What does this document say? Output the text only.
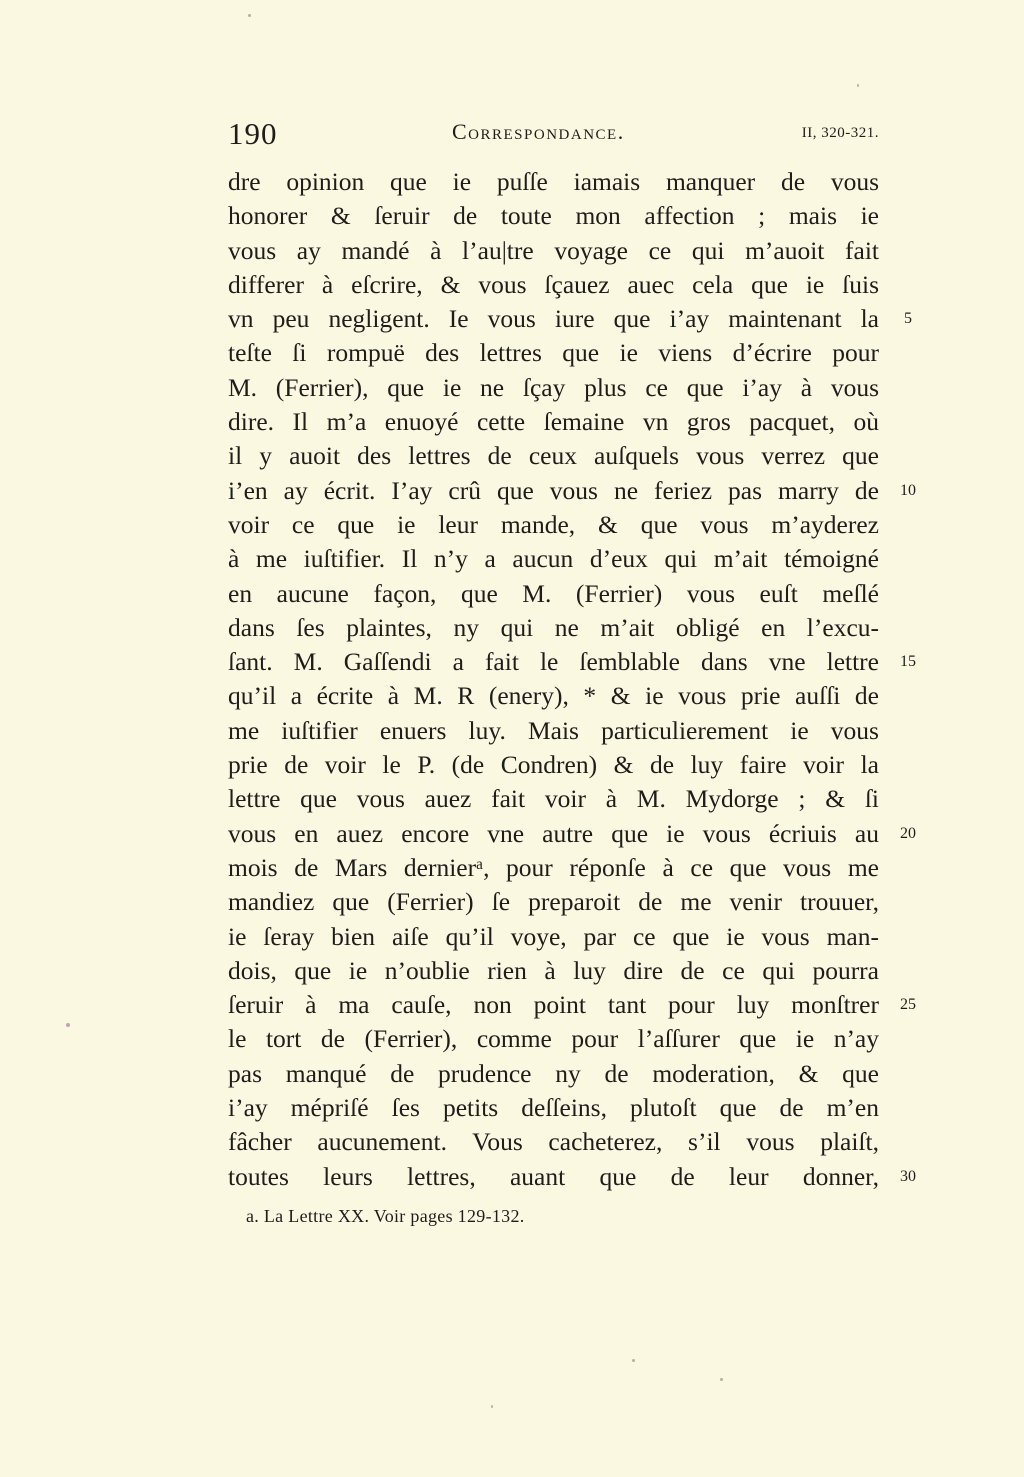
190	Correspondance.	II, 320-321.
dre opinion que ie puſſe iamais manquer de vous
honorer & ſeruir de toute mon affection ; mais ie
vous ay mandé à l’au|tre voyage ce qui m’auoit fait
differer à eſcrire, & vous ſçauez auec cela que ie ſuis
vn peu negligent. Ie vous iure que i’ay maintenant la
teſte ſi rompuë des lettres que ie viens d’écrire pour
M. (Ferrier), que ie ne ſçay plus ce que i’ay à vous
dire. Il m’a enuoyé cette ſemaine vn gros pacquet, où
il y auoit des lettres de ceux auſquels vous verrez que
i’en ay écrit. I’ay crû que vous ne feriez pas marry de
voir ce que ie leur mande, & que vous m’ayderez
à me iuſtifier. Il n’y a aucun d’eux qui m’ait témoigné
en aucune façon, que M. (Ferrier) vous euſt meſlé
dans ſes plaintes, ny qui ne m’ait obligé en l’excu-
ſant. M. Gaſſendi a fait le ſemblable dans vne lettre
qu’il a écrite à M. R (enery), * & ie vous prie auſſi de
me iuſtifier enuers luy. Mais particulierement ie vous
prie de voir le P. (de Condren) & de luy faire voir la
lettre que vous auez fait voir à M. Mydorge ; & ſi
vous en auez encore vne autre que ie vous écriuis au
mois de Mars dernierᵃ, pour réponſe à ce que vous me
mandiez que (Ferrier) ſe preparoit de me venir trouuer,
ie ſeray bien aiſe qu’il voye, par ce que ie vous man-
dois, que ie n’oublie rien à luy dire de ce qui pourra
ſeruir à ma cauſe, non point tant pour luy monſtrer
le tort de (Ferrier), comme pour l’aſſurer que ie n’ay
pas manqué de prudence ny de moderation, & que
i’ay mépriſé ſes petits deſſeins, plutoſt que de m’en
fâcher aucunement. Vous cacheterez, s’il vous plaiſt,
toutes leurs lettres, auant que de leur donner,
5
10
15
20
25
30
a. La Lettre XX. Voir pages 129-132.
